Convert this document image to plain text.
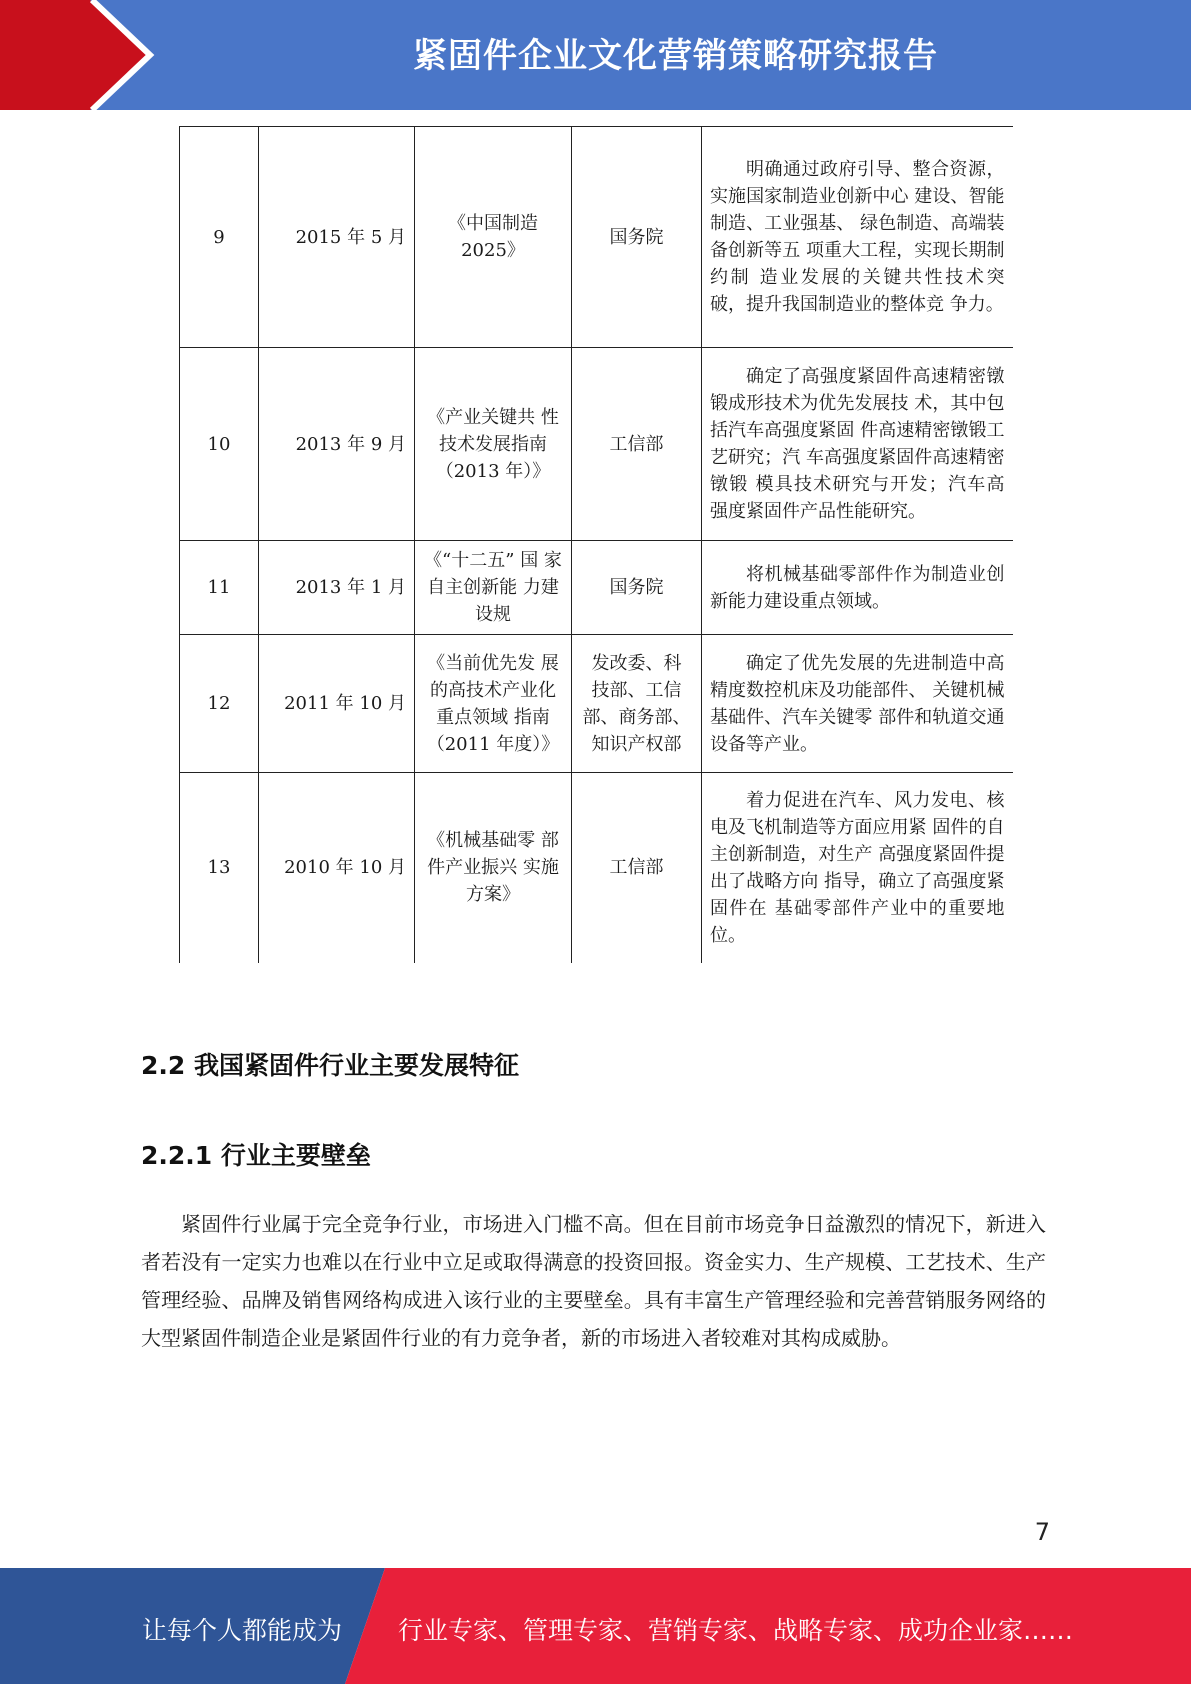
紧固件企业文化营销策略研究报告
9	2015 年 5 月	《中国制造2025》	国务院	明确通过政府引导、整合资源，实施国家制造业创新中心 建设、智能制造、工业强基、 绿色制造、高端装备创新等五 项重大工程，实现长期制约制 造业发展的关键共性技术突 破，提升我国制造业的整体竞 争力。
10	2013 年 9 月	《产业关键共 性技术发展指南（2013 年）》	工信部	确定了高强度紧固件高速精密镦锻成形技术为优先发展技 术，其中包括汽车高强度紧固 件高速精密镦锻工艺研究；汽 车高强度紧固件高速精密镦锻 模具技术研究与开发；汽车高 强度紧固件产品性能研究。
11	2013 年 1 月	《“十二五” 国 家自主创新能 力建设规	国务院	将机械基础零部件作为制造业创新能力建设重点领域。
12	2011 年 10 月	《当前优先发 展的高技术产业化重点领域 指南（2011 年度）》	发改委、科 技部、工信 部、商务部、知识产权部	确定了优先发展的先进制造中高精度数控机床及功能部件、 关键机械基础件、汽车关键零 部件和轨道交通设备等产业。
13	2010 年 10 月	《机械基础零 部件产业振兴 实施方案》	工信部	着力促进在汽车、风力发电、核电及飞机制造等方面应用紧 固件的自主创新制造，对生产 高强度紧固件提出了战略方向 指导，确立了高强度紧固件在 基础零部件产业中的重要地 位。
2.2 我国紧固件行业主要发展特征
2.2.1 行业主要壁垒

紧固件行业属于完全竞争行业，市场进入门槛不高。但在目前市场竞争日益激烈的情况下，新进入者若没有一定实力也难以在行业中立足或取得满意的投资回报。资金实力、生产规模、工艺技术、生产管理经验、品牌及销售网络构成进入该行业的主要壁垒。具有丰富生产管理经验和完善营销服务网络的大型紧固件制造企业是紧固件行业的有力竞争者，新的市场进入者较难对其构成威胁。

7
让每个人都能成为 行业专家、管理专家、营销专家、战略专家、成功企业家……
